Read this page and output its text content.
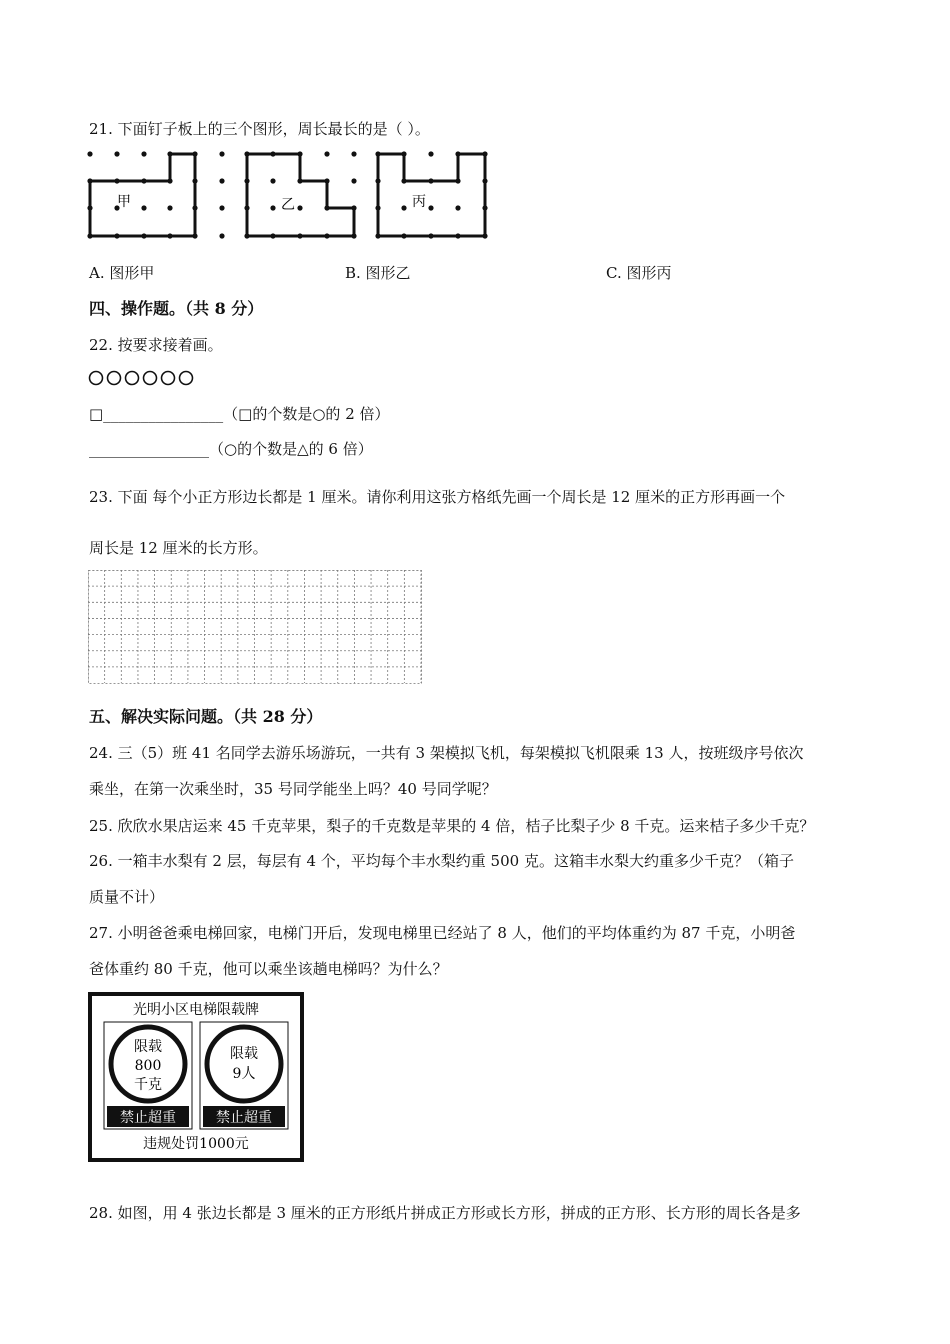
21. 下面钉子板上的三个图形，周长最长的是（ ）。
甲	乙	丙
A. 图形甲	B. 图形乙	C. 图形丙
四、操作题。（共 8 分）
22. 按要求接着画。
□________________（□的个数是○的 2 倍）
________________（○的个数是△的 6 倍）
23. 下面 每个小正方形边长都是 1 厘米。请你利用这张方格纸先画一个周长是 12 厘米的正方形再画一个
周长是 12 厘米的长方形。
五、解决实际问题。（共 28 分）
24. 三（5）班 41 名同学去游乐场游玩，一共有 3 架模拟飞机，每架模拟飞机限乘 13 人，按班级序号依次
乘坐，在第一次乘坐时，35 号同学能坐上吗？40 号同学呢？
25. 欣欣水果店运来 45 千克苹果，梨子的千克数是苹果的 4 倍，桔子比梨子少 8 千克。运来桔子多少千克？
26. 一箱丰水梨有 2 层，每层有 4 个，平均每个丰水梨约重 500 克。这箱丰水梨大约重多少千克？（箱子
质量不计）
27. 小明爸爸乘电梯回家，电梯门开后，发现电梯里已经站了 8 人，他们的平均体重约为 87 千克，小明爸
爸体重约 80 千克，他可以乘坐该趟电梯吗？为什么？
光明小区电梯限载牌
限载
800
千克
禁止超重
限载
9人
禁止超重
违规处罚1000元
28. 如图，用 4 张边长都是 3 厘米的正方形纸片拼成正方形或长方形，拼成的正方形、长方形的周长各是多
